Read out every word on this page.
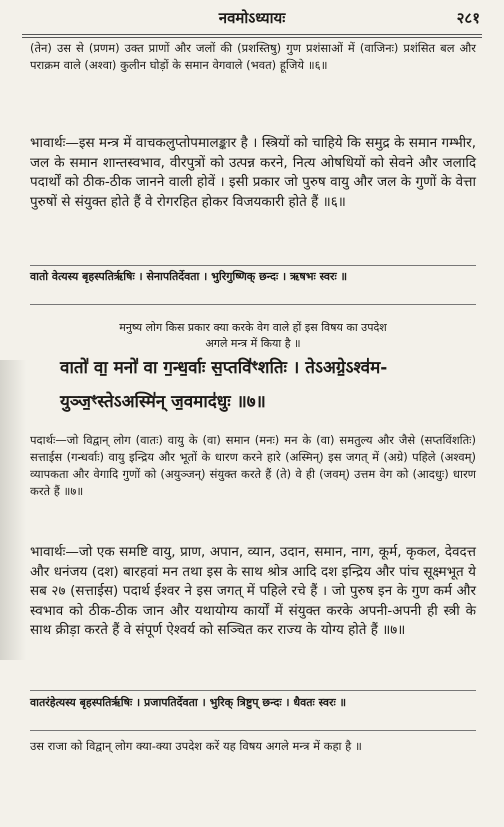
नवमोऽध्यायः	२८१
(तेन) उस से (प्रणम) उक्त प्राणों और जलों की (प्रशस्तिषु) गुण प्रशंसाओं में (वाजिनः) प्रशंसित बल और पराक्रम वाले (अश्वा) कुलीन घोड़ों के समान वेगवाले (भवत) हूजिये ॥६॥
भावार्थः—इस मन्त्र में वाचकलुप्तोपमालङ्कार है । स्त्रियों को चाहिये कि समुद्र के समान गम्भीर, जल के समान शान्तस्वभाव, वीरपुत्रों को उत्पन्न करने, नित्य ओषधियों को सेवने और जलादि पदार्थों को ठीक-ठीक जानने वाली होवें । इसी प्रकार जो पुरुष वायु और जल के गुणों के वेत्ता पुरुषों से संयुक्त होते हैं वे रोगरहित होकर विजयकारी होते हैं ॥६॥
वातो वेत्यस्य बृहस्पतिर्ऋषिः । सेनापतिर्देवता । भुरिगुष्णिक् छन्दः । ऋषभः स्वरः ॥
मनुष्य लोग किस प्रकार क्या करके वेग वाले हों इस विषय का उपदेश
अगले मन्त्र में किया है ॥
वातो॑ वा॒ मनो॑ वा ग॒न्ध॒र्वाः स॒प्तवि॑ꣳशतिः । तेऽअग्रे॒ऽश्व॑म-
युञ्ज॒ꣳस्तेऽअस्मि॑न् ज॒वमाद॑धुः ॥७॥
पदार्थः—जो विद्वान् लोग (वातः) वायु के (वा) समान (मनः) मन के (वा) समतुल्य और जैसे (सप्तविंशतिः) सत्ताईस (गन्धर्वाः) वायु इन्द्रिय और भूतों के धारण करने हारे (अस्मिन्) इस जगत् में (अग्रे) पहिले (अश्वम्) व्यापकता और वेगादि गुणों को (अयुञ्जन्) संयुक्त करते हैं (ते) वे ही (जवम्) उत्तम वेग को (आदधुः) धारण करते हैं ॥७॥
भावार्थः—जो एक समष्टि वायु, प्राण, अपान, व्यान, उदान, समान, नाग, कूर्म, कृकल, देवदत्त और धनंजय (दश) बारहवां मन तथा इस के साथ श्रोत्र आदि दश इन्द्रिय और पांच सूक्ष्मभूत ये सब २७ (सत्ताईस) पदार्थ ईश्वर ने इस जगत् में पहिले रचे हैं । जो पुरुष इन के गुण कर्म और स्वभाव को ठीक-ठीक जान और यथायोग्य कार्यों में संयुक्त करके अपनी-अपनी ही स्त्री के साथ क्रीड़ा करते हैं वे संपूर्ण ऐश्वर्य को सञ्चित कर राज्य के योग्य होते हैं ॥७॥
वातरंहेत्यस्य बृहस्पतिर्ऋषिः । प्रजापतिर्देवता । भुरिक् त्रिष्टुप् छन्दः । धैवतः स्वरः ॥
उस राजा को विद्वान् लोग क्या-क्या उपदेश करें यह विषय अगले मन्त्र में कहा है ॥
